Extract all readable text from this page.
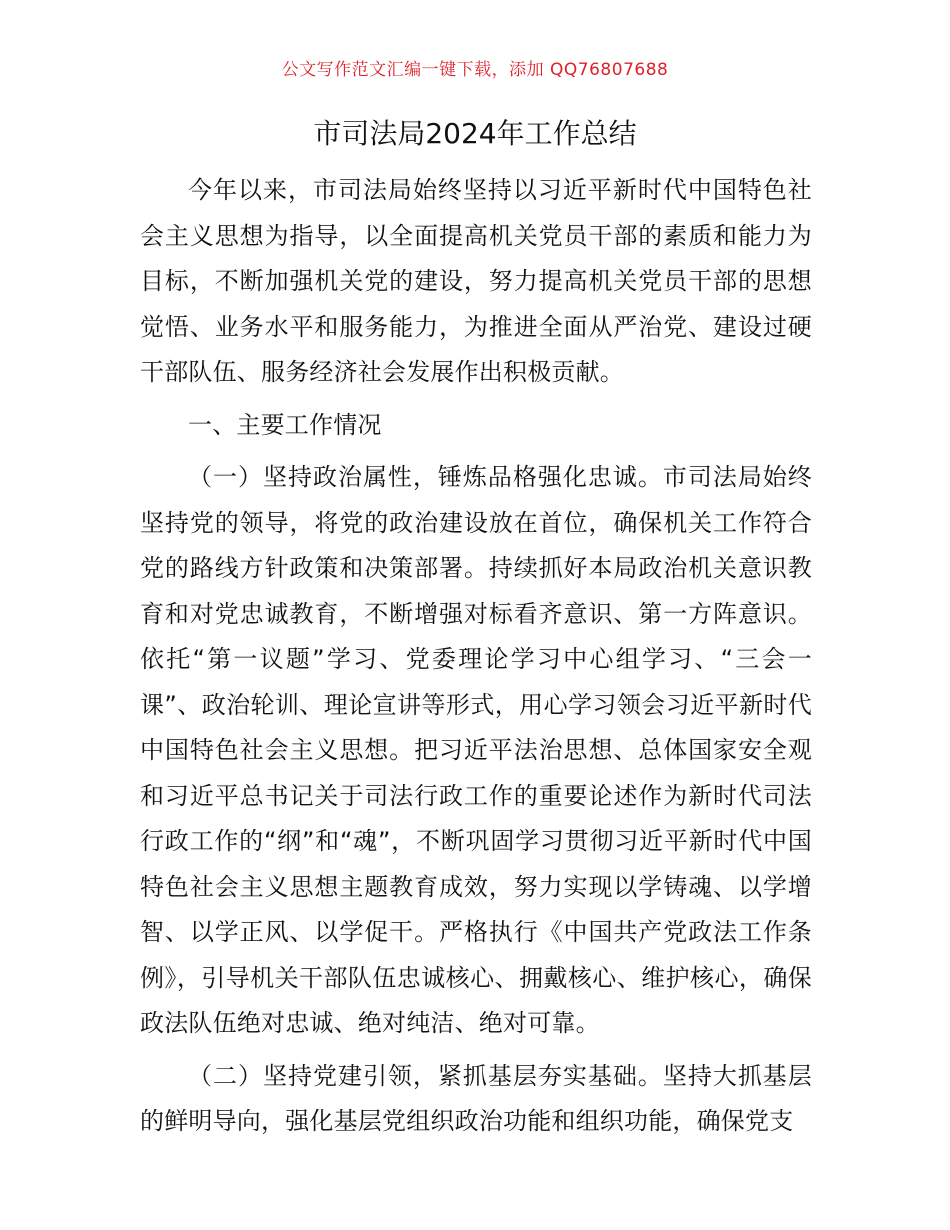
公文写作范文汇编一键下载，添加 QQ76807688
市司法局2024年工作总结

今年以来，市司法局始终坚持以习近平新时代中国特色社会主义思想为指导，以全面提高机关党员干部的素质和能力为目标，不断加强机关党的建设，努力提高机关党员干部的思想觉悟、业务水平和服务能力，为推进全面从严治党、建设过硬干部队伍、服务经济社会发展作出积极贡献。

一、主要工作情况

（一）坚持政治属性，锤炼品格强化忠诚。市司法局始终坚持党的领导，将党的政治建设放在首位，确保机关工作符合党的路线方针政策和决策部署。持续抓好本局政治机关意识教育和对党忠诚教育，不断增强对标看齐意识、第一方阵意识。依托“第一议题”学习、党委理论学习中心组学习、“三会一课”、政治轮训、理论宣讲等形式，用心学习领会习近平新时代中国特色社会主义思想。把习近平法治思想、总体国家安全观和习近平总书记关于司法行政工作的重要论述作为新时代司法行政工作的“纲”和“魂”，不断巩固学习贯彻习近平新时代中国特色社会主义思想主题教育成效，努力实现以学铸魂、以学增智、以学正风、以学促干。严格执行《中国共产党政法工作条例》，引导机关干部队伍忠诚核心、拥戴核心、维护核心，确保政法队伍绝对忠诚、绝对纯洁、绝对可靠。

（二）坚持党建引领，紧抓基层夯实基础。坚持大抓基层的鲜明导向，强化基层党组织政治功能和组织功能，确保党支
